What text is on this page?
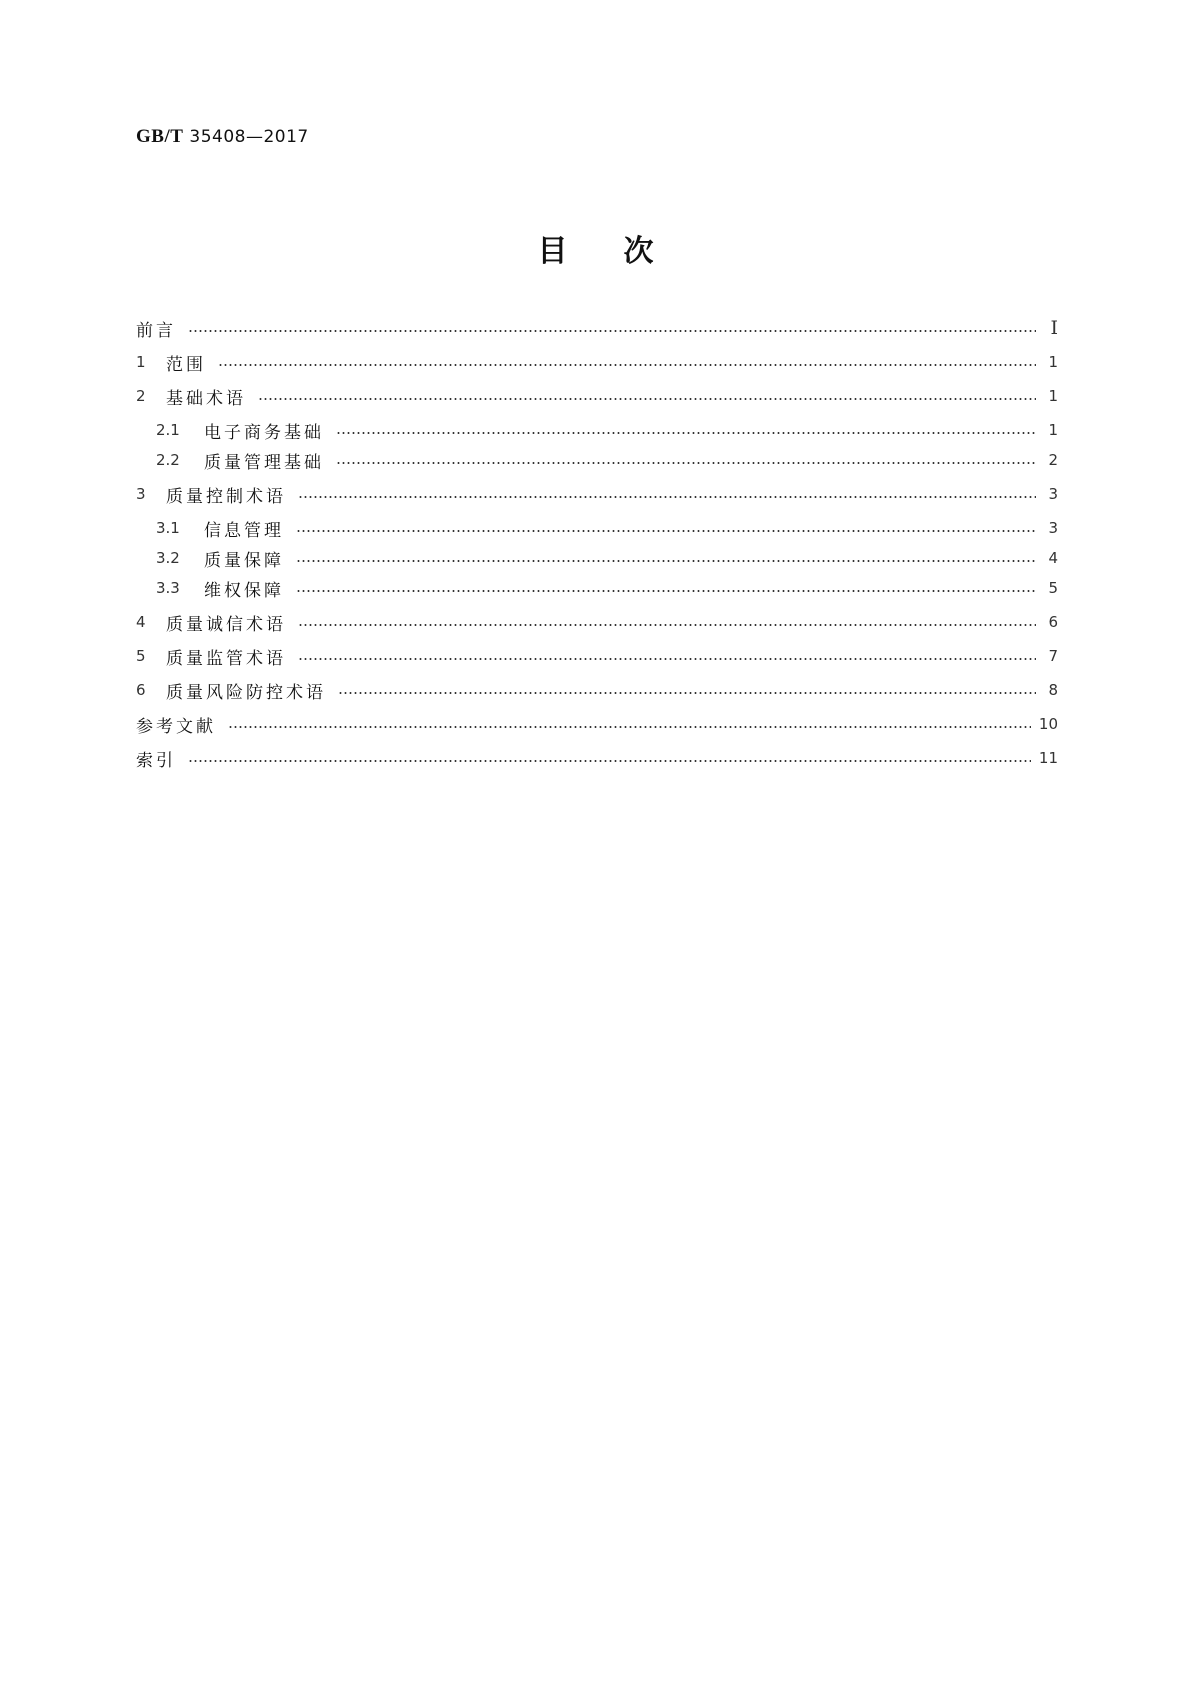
GB/T 35408—2017
目次
前言	Ⅰ
1	范围	1
2	基础术语	1
2.1	电子商务基础	1
2.2	质量管理基础	2
3	质量控制术语	3
3.1	信息管理	3
3.2	质量保障	4
3.3	维权保障	5
4	质量诚信术语	6
5	质量监管术语	7
6	质量风险防控术语	8
参考文献	10
索引	11
